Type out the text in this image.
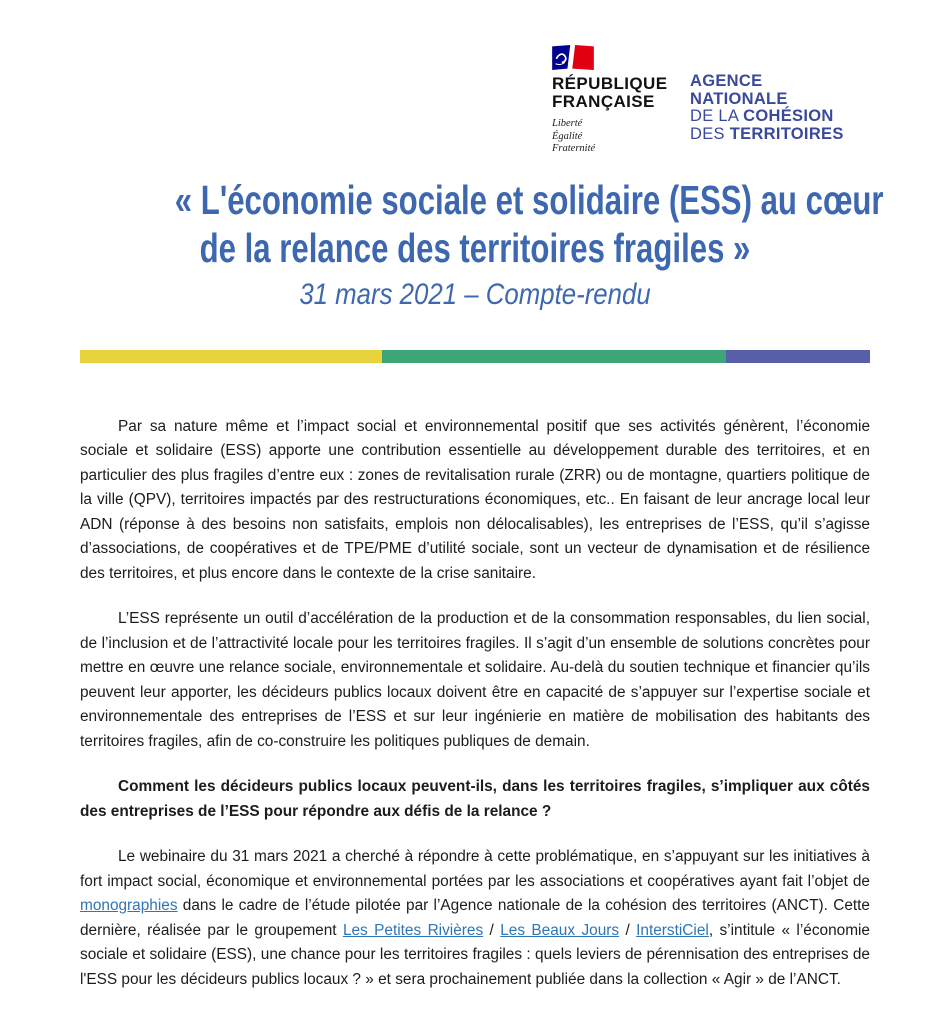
RÉPUBLIQUE
FRANÇAISE
Liberté
Égalité
Fraternité
AGENCE
NATIONALE
DE LA COHÉSION
DES TERRITOIRES
« L'économie sociale et solidaire (ESS) au cœur
de la relance des territoires fragiles »
31 mars 2021 – Compte-rendu

Par sa nature même et l’impact social et environnemental positif que ses activités génèrent, l’économie sociale et solidaire (ESS) apporte une contribution essentielle au développement durable des territoires, et en particulier des plus fragiles d’entre eux : zones de revitalisation rurale (ZRR) ou de montagne, quartiers politique de la ville (QPV), territoires impactés par des restructurations économiques, etc.. En faisant de leur ancrage local leur ADN (réponse à des besoins non satisfaits, emplois non délocalisables), les entreprises de l’ESS, qu’il s’agisse d’associations, de coopératives et de TPE/PME d’utilité sociale, sont un vecteur de dynamisation et de résilience des territoires, et plus encore dans le contexte de la crise sanitaire.

L’ESS représente un outil d’accélération de la production et de la consommation responsables, du lien social, de l’inclusion et de l’attractivité locale pour les territoires fragiles. Il s’agit d’un ensemble de solutions concrètes pour mettre en œuvre une relance sociale, environnementale et solidaire. Au-delà du soutien technique et financier qu’ils peuvent leur apporter, les décideurs publics locaux doivent être en capacité de s’appuyer sur l’expertise sociale et environnementale des entreprises de l’ESS et sur leur ingénierie en matière de mobilisation des habitants des territoires fragiles, afin de co-construire les politiques publiques de demain.

Comment les décideurs publics locaux peuvent-ils, dans les territoires fragiles, s’impliquer aux côtés des entreprises de l’ESS pour répondre aux défis de la relance ?

Le webinaire du 31 mars 2021 a cherché à répondre à cette problématique, en s’appuyant sur les initiatives à fort impact social, économique et environnemental portées par les associations et coopératives ayant fait l’objet de monographies dans le cadre de l’étude pilotée par l’Agence nationale de la cohésion des territoires (ANCT). Cette dernière, réalisée par le groupement Les Petites Rivières / Les Beaux Jours / InterstiCiel, s’intitule « l’économie sociale et solidaire (ESS), une chance pour les territoires fragiles : quels leviers de pérennisation des entreprises de l'ESS pour les décideurs publics locaux ? » et sera prochainement publiée dans la collection « Agir » de l’ANCT.
